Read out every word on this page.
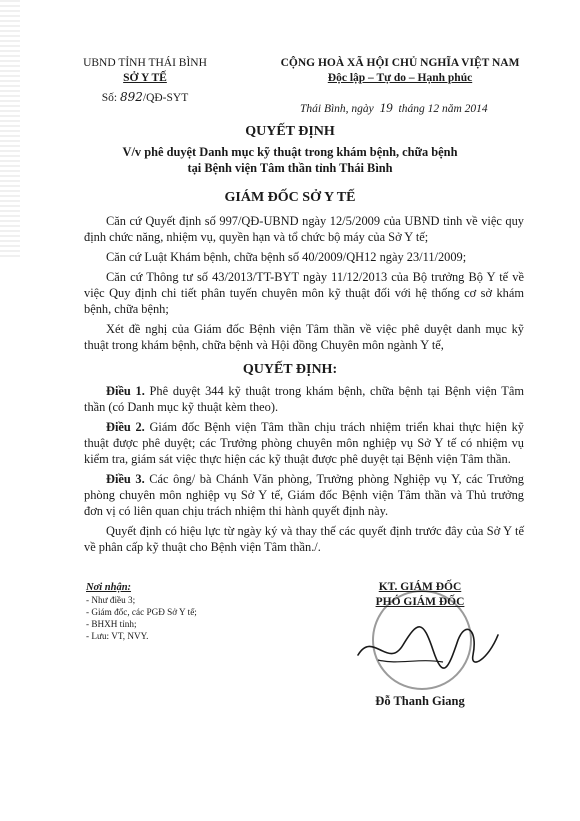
UBND TỈNH THÁI BÌNH
SỞ Y TẾ
Số: 892/QĐ-SYT
CỘNG HOÀ XÃ HỘI CHỦ NGHĨA VIỆT NAM
Độc lập – Tự do – Hạnh phúc
Thái Bình, ngày 19 tháng 12 năm 2014
QUYẾT ĐỊNH
V/v phê duyệt Danh mục kỹ thuật trong khám bệnh, chữa bệnh
tại Bệnh viện Tâm thần tỉnh Thái Bình
GIÁM ĐỐC SỞ Y TẾ

Căn cứ Quyết định số 997/QĐ-UBND ngày 12/5/2009 của UBND tỉnh về việc quy định chức năng, nhiệm vụ, quyền hạn và tổ chức bộ máy của Sở Y tế;

Căn cứ Luật Khám bệnh, chữa bệnh số 40/2009/QH12 ngày 23/11/2009;

Căn cứ Thông tư số 43/2013/TT-BYT ngày 11/12/2013 của Bộ trưởng Bộ Y tế về việc Quy định chi tiết phân tuyến chuyên môn kỹ thuật đối với hệ thống cơ sở khám bệnh, chữa bệnh;

Xét đề nghị của Giám đốc Bệnh viện Tâm thần về việc phê duyệt danh mục kỹ thuật trong khám bệnh, chữa bệnh và Hội đồng Chuyên môn ngành Y tế,

QUYẾT ĐỊNH:

Điều 1. Phê duyệt 344 kỹ thuật trong khám bệnh, chữa bệnh tại Bệnh viện Tâm thần (có Danh mục kỹ thuật kèm theo).

Điều 2. Giám đốc Bệnh viện Tâm thần chịu trách nhiệm triển khai thực hiện kỹ thuật được phê duyệt; các Trưởng phòng chuyên môn nghiệp vụ Sở Y tế có nhiệm vụ kiểm tra, giám sát việc thực hiện các kỹ thuật được phê duyệt tại Bệnh viện Tâm thần.

Điều 3. Các ông/ bà Chánh Văn phòng, Trưởng phòng Nghiệp vụ Y, các Trưởng phòng chuyên môn nghiệp vụ Sở Y tế, Giám đốc Bệnh viện Tâm thần và Thủ trưởng đơn vị có liên quan chịu trách nhiệm thi hành quyết định này.

Quyết định có hiệu lực từ ngày ký và thay thế các quyết định trước đây của Sở Y tế về phân cấp kỹ thuật cho Bệnh viện Tâm thần./.

Nơi nhận:
- Như điều 3;
- Giám đốc, các PGĐ Sở Y tế;
- BHXH tỉnh;
- Lưu: VT, NVY.
KT. GIÁM ĐỐC
PHÓ GIÁM ĐỐC
Đỗ Thanh Giang
